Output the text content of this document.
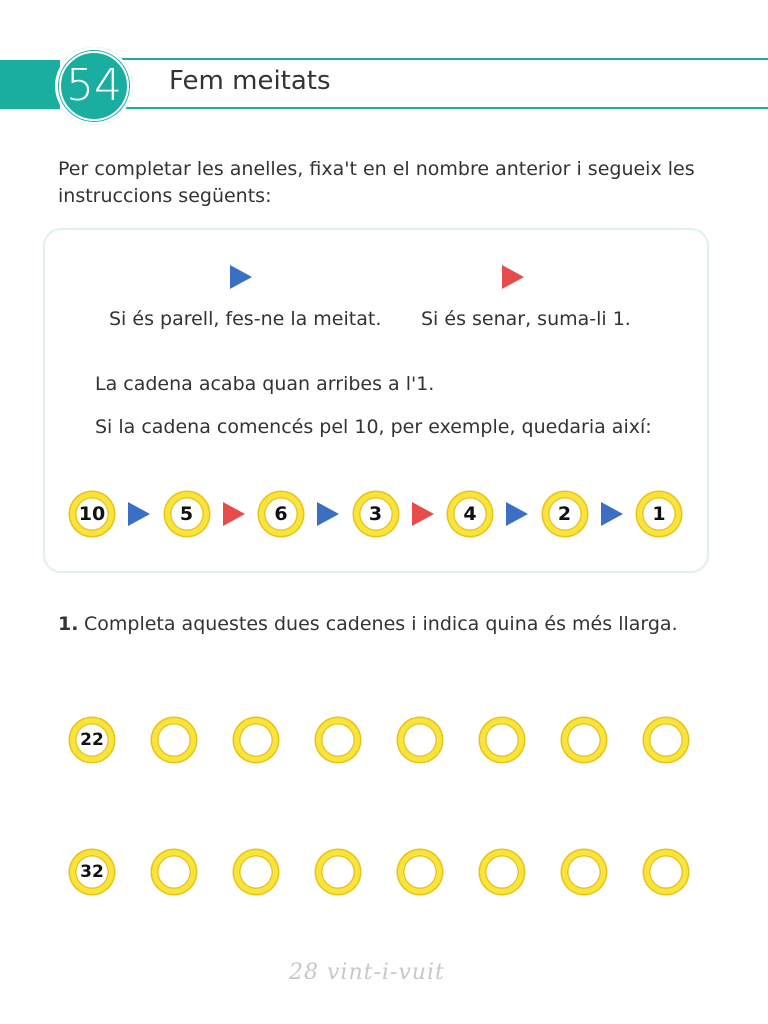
54	Fem meitats
Per completar les anelles, fixa't en el nombre anterior i segueix les instruccions següents:
Si és parell, fes-ne la meitat. Si és senar, suma-li 1.
La cadena acaba quan arribes a l'1.
Si la cadena comencés pel 10, per exemple, quedaria així:
10	5	6	3	4	2	1
1. Completa aquestes dues cadenes i indica quina és més llarga.
22
32
28 vint-i-vuit
